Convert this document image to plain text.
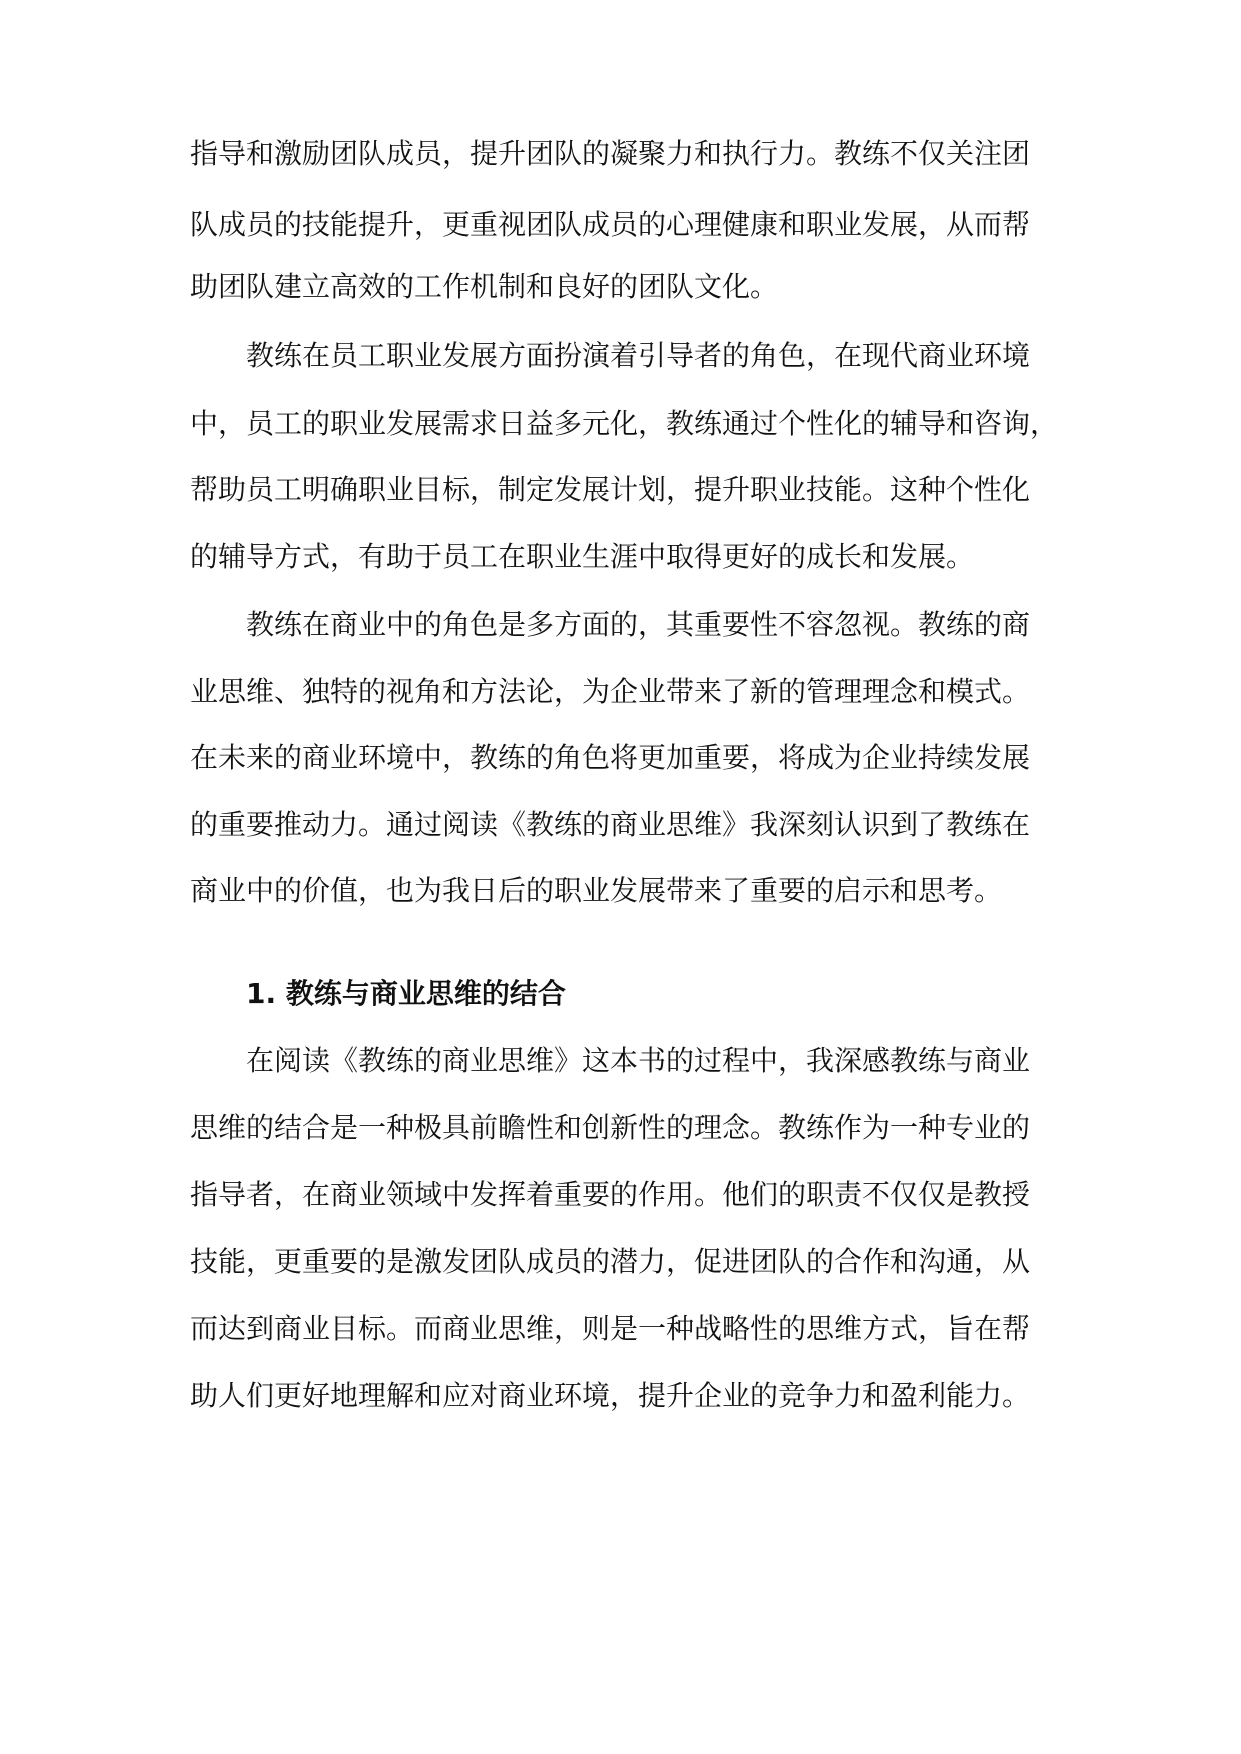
指导和激励团队成员，提升团队的凝聚力和执行力。教练不仅关注团

队成员的技能提升，更重视团队成员的心理健康和职业发展，从而帮

助团队建立高效的工作机制和良好的团队文化。

教练在员工职业发展方面扮演着引导者的角色，在现代商业环境

中，员工的职业发展需求日益多元化，教练通过个性化的辅导和咨询，

帮助员工明确职业目标，制定发展计划，提升职业技能。这种个性化

的辅导方式，有助于员工在职业生涯中取得更好的成长和发展。

教练在商业中的角色是多方面的，其重要性不容忽视。教练的商

业思维、独特的视角和方法论，为企业带来了新的管理理念和模式。

在未来的商业环境中，教练的角色将更加重要，将成为企业持续发展

的重要推动力。通过阅读《教练的商业思维》我深刻认识到了教练在

商业中的价值，也为我日后的职业发展带来了重要的启示和思考。

1. 教练与商业思维的结合

在阅读《教练的商业思维》这本书的过程中，我深感教练与商业

思维的结合是一种极具前瞻性和创新性的理念。教练作为一种专业的

指导者，在商业领域中发挥着重要的作用。他们的职责不仅仅是教授

技能，更重要的是激发团队成员的潜力，促进团队的合作和沟通，从

而达到商业目标。而商业思维，则是一种战略性的思维方式，旨在帮

助人们更好地理解和应对商业环境，提升企业的竞争力和盈利能力。
